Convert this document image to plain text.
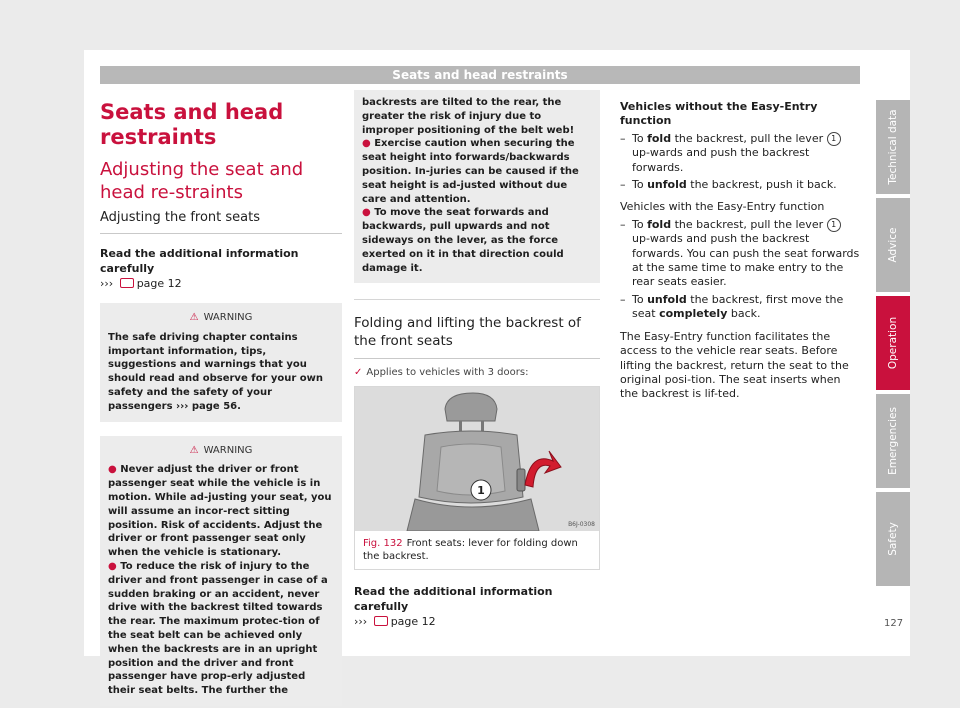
Seats and head restraints
Seats and head restraints
Adjusting the seat and head re-straints
Adjusting the front seats
Read the additional information carefully
››› page 12
⚠ WARNING

The safe driving chapter contains important information, tips, suggestions and warnings that you should read and observe for your own safety and the safety of your passengers ››› page 56.

⚠ WARNING

● Never adjust the driver or front passenger seat while the vehicle is in motion. While ad-justing your seat, you will assume an incor-rect sitting position. Risk of accidents. Adjust the driver or front passenger seat only when the vehicle is stationary.

● To reduce the risk of injury to the driver and front passenger in case of a sudden braking or an accident, never drive with the backrest tilted towards the rear. The maximum protec-tion of the seat belt can be achieved only when the backrests are in an upright position and the driver and front passenger have prop-erly adjusted their seat belts. The further the

backrests are tilted to the rear, the greater the risk of injury due to improper positioning of the belt web!

● Exercise caution when securing the seat height into forwards/backwards position. In-juries can be caused if the seat height is ad-justed without due care and attention.

● To move the seat forwards and backwards, pull upwards and not sideways on the lever, as the force exerted on it in that direction could damage it.

Folding and lifting the backrest of the front seats
✓ Applies to vehicles with 3 doors:
1
B6J-0308
Fig. 132 Front seats: lever for folding down the backrest.
Read the additional information carefully
››› page 12

Vehicles without the Easy-Entry function

– To fold the backrest, pull the lever 1 up-wards and push the backrest forwards.
– To unfold the backrest, push it back.

Vehicles with the Easy-Entry function

– To fold the backrest, pull the lever 1 up-wards and push the backrest forwards. You can push the seat forwards at the same time to make entry to the rear seats easier.
– To unfold the backrest, first move the seat completely back.

The Easy-Entry function facilitates the access to the vehicle rear seats. Before lifting the backrest, return the seat to the original posi-tion. The seat inserts when the backrest is lif-ted.

Technical data
Advice
Operation
Emergencies
Safety
127
